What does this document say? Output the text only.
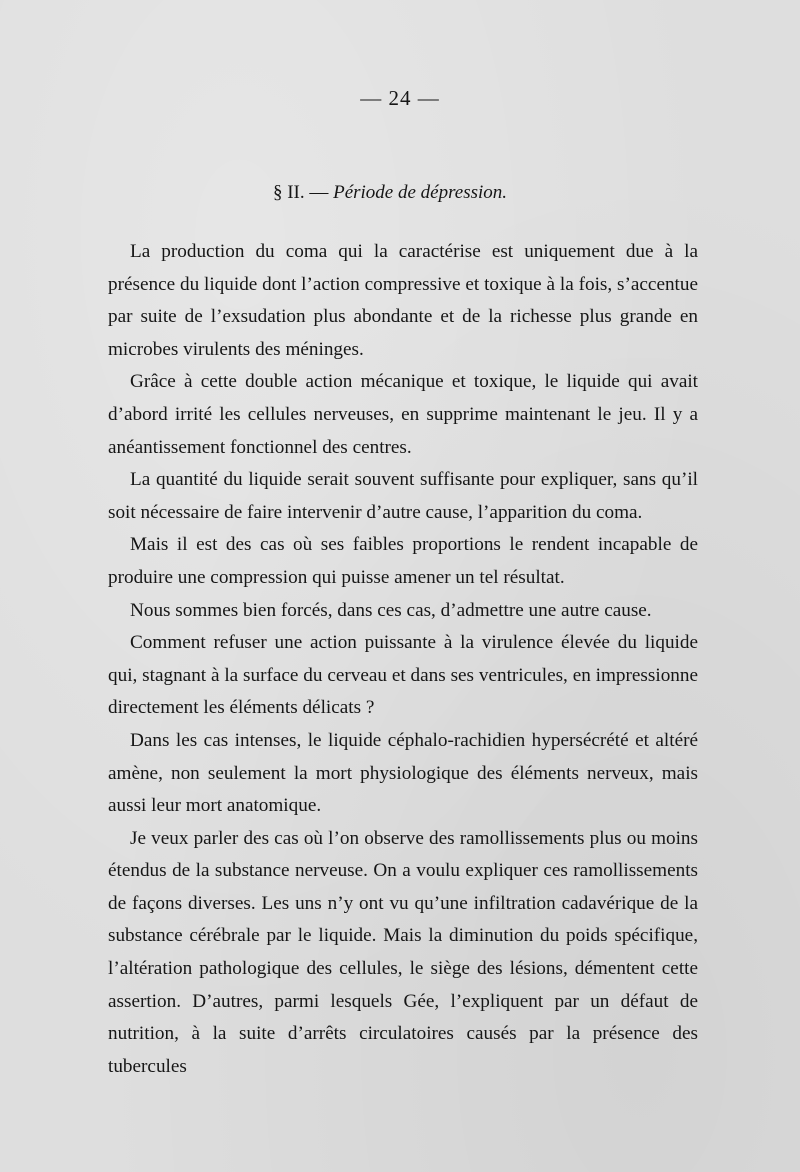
— 24 —
§ II. — Période de dépression.

La production du coma qui la caractérise est uniquement due à la présence du liquide dont l’action compressive et toxique à la fois, s’accentue par suite de l’exsudation plus abondante et de la richesse plus grande en microbes virulents des méninges.

Grâce à cette double action mécanique et toxique, le liquide qui avait d’abord irrité les cellules nerveuses, en supprime maintenant le jeu. Il y a anéantissement fonctionnel des centres.

La quantité du liquide serait souvent suffisante pour expliquer, sans qu’il soit nécessaire de faire intervenir d’autre cause, l’apparition du coma.

Mais il est des cas où ses faibles proportions le rendent incapable de produire une compression qui puisse amener un tel résultat.

Nous sommes bien forcés, dans ces cas, d’admettre une autre cause.

Comment refuser une action puissante à la virulence élevée du liquide qui, stagnant à la surface du cerveau et dans ses ventricules, en impressionne directement les éléments délicats ?

Dans les cas intenses, le liquide céphalo-rachidien hypersécrété et altéré amène, non seulement la mort physiologique des éléments nerveux, mais aussi leur mort anatomique.

Je veux parler des cas où l’on observe des ramollissements plus ou moins étendus de la substance nerveuse. On a voulu expliquer ces ramollissements de façons diverses. Les uns n’y ont vu qu’une infiltration cadavérique de la substance cérébrale par le liquide. Mais la diminution du poids spécifique, l’altération pathologique des cellules, le siège des lésions, démentent cette assertion. D’autres, parmi lesquels Gée, l’expliquent par un défaut de nutrition, à la suite d’arrêts circulatoires causés par la présence des tubercules
